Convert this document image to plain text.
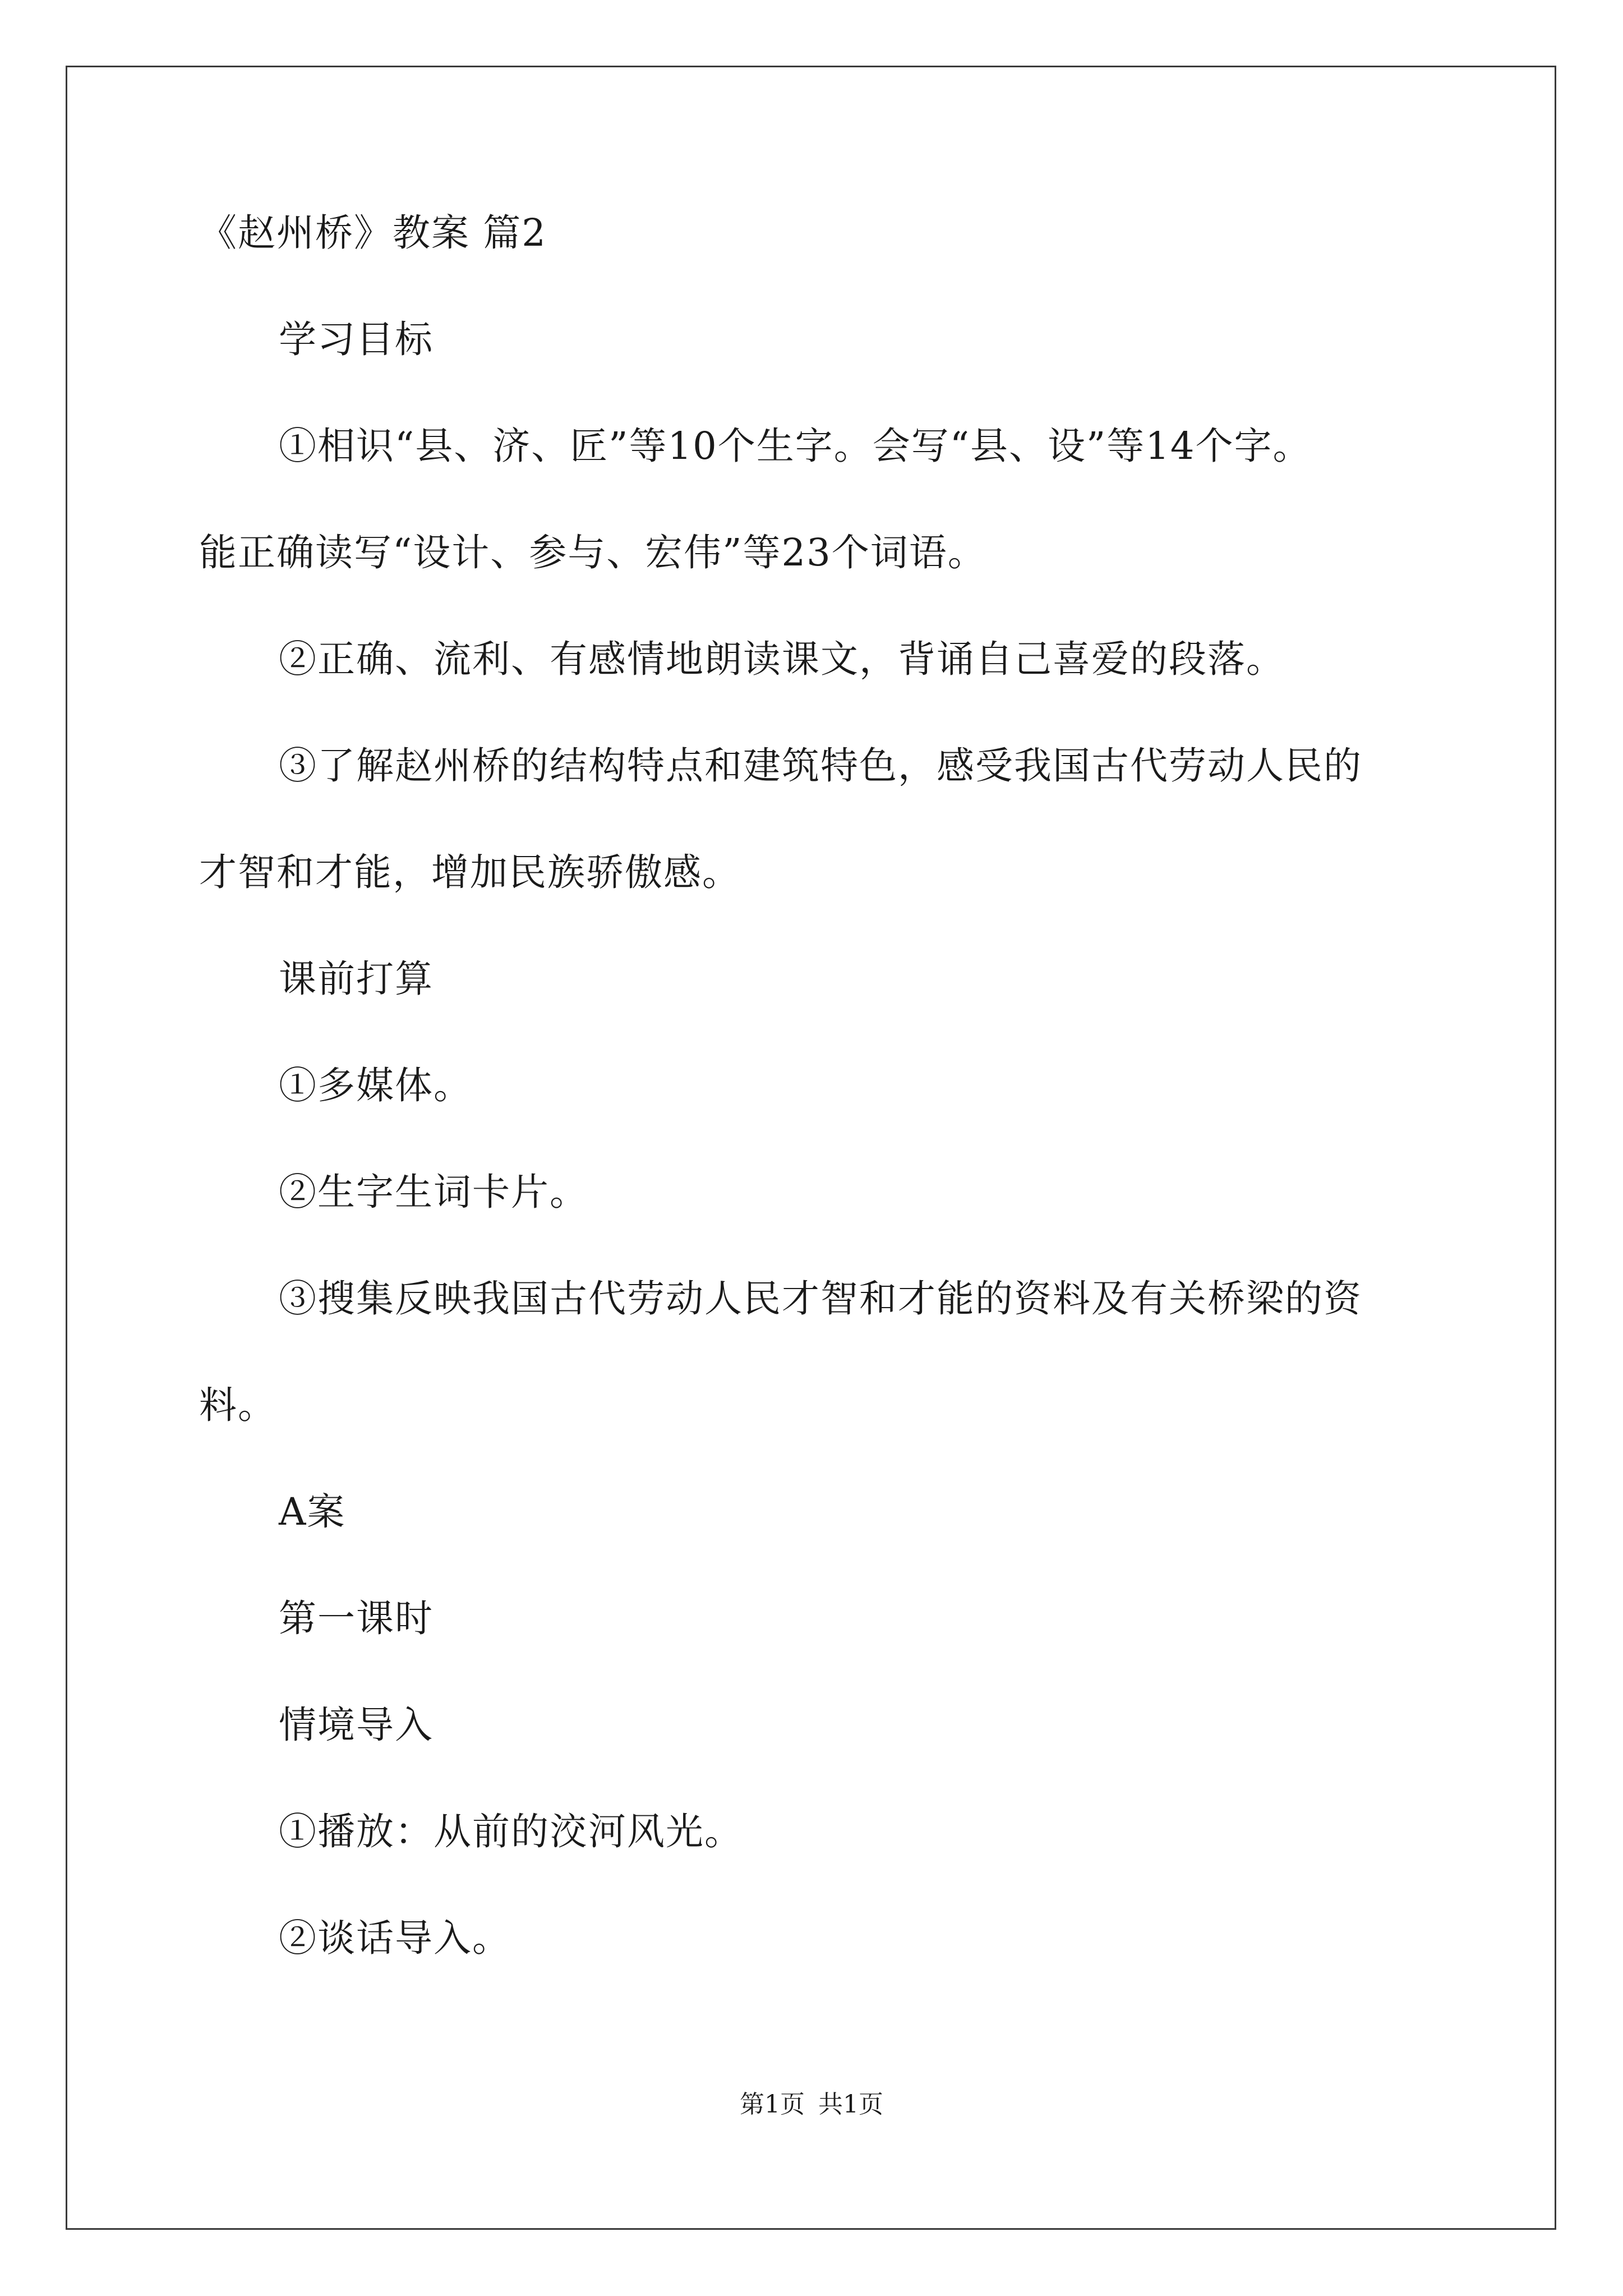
《赵州桥》教案 篇2
学习目标
①相识“县、济、匠”等10个生字。会写“县、设”等14个字。
能正确读写“设计、参与、宏伟”等23个词语。
②正确、流利、有感情地朗读课文，背诵自己喜爱的段落。
③了解赵州桥的结构特点和建筑特色，感受我国古代劳动人民的
才智和才能，增加民族骄傲感。
课前打算
①多媒体。
②生字生词卡片。
③搜集反映我国古代劳动人民才智和才能的资料及有关桥梁的资
料。
A案
第一课时
情境导入
①播放：从前的洨河风光。
②谈话导入。
第1页 共1页
